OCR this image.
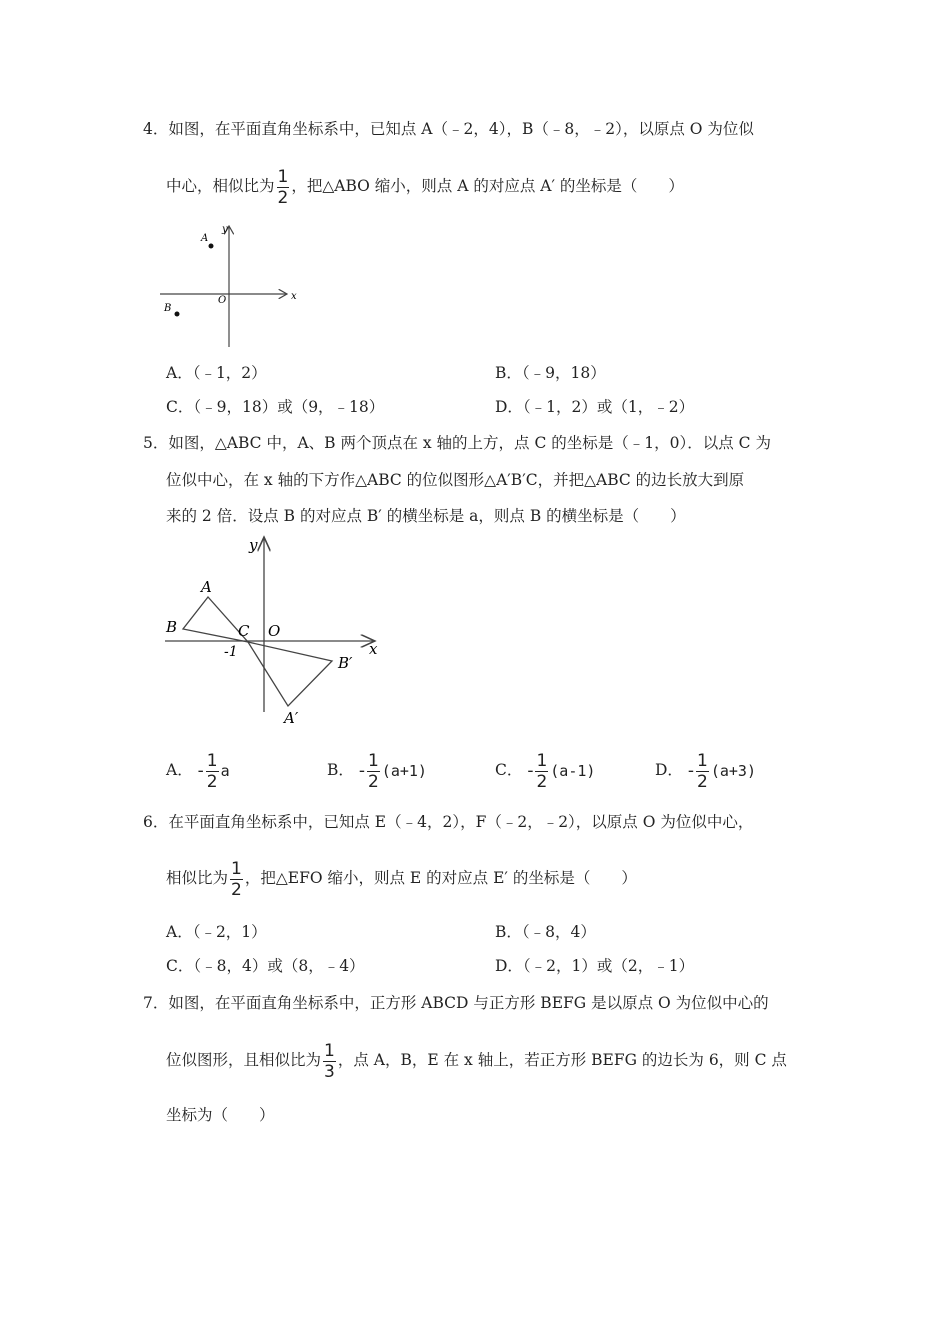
4．如图，在平面直角坐标系中，已知点 A（﹣2，4），B（﹣8，﹣2），以原点 O 为位似
中心，相似比为 $\frac{1}{2}$ ，把△ABO 缩小，则点 A 的对应点 A′ 的坐标是（　　）
A
B
O	x
y
A．（﹣1，2）	B．（﹣9，18）
C．（﹣9，18）或（9，﹣18）	D．（﹣1，2）或（1，﹣2）
5．如图，△ABC 中，A、B 两个顶点在 x 轴的上方，点 C 的坐标是（﹣1，0）．以点 C 为
位似中心，在 x 轴的下方作△ABC 的位似图形△A′B′C，并把△ABC 的边长放大到原
来的 2 倍．设点 B 的对应点 B′ 的横坐标是 a，则点 B 的横坐标是（　　）
A
B	C O
x
y
-1
A′
B′
A． - $\frac{1}{2}$ a	B． - $\frac{1}{2} (a+1)$	C． - $\frac{1}{2} (a-1)$	D． - $\frac{1}{2} (a+3)$
6．在平面直角坐标系中，已知点 E（﹣4，2），F（﹣2，﹣2），以原点 O 为位似中心，
相似比为 $\frac{1}{2}$ ，把△EFO 缩小，则点 E 的对应点 E′ 的坐标是（　　）
A．（﹣2，1）	B．（﹣8，4）
C．（﹣8，4）或（8，﹣4）	D．（﹣2，1）或（2，﹣1）
7．如图，在平面直角坐标系中，正方形 ABCD 与正方形 BEFG 是以原点 O 为位似中心的
位似图形，且相似比为 $\frac{1}{3}$ ，点 A，B，E 在 x 轴上，若正方形 BEFG 的边长为 6，则 C 点
坐标为（　　）
